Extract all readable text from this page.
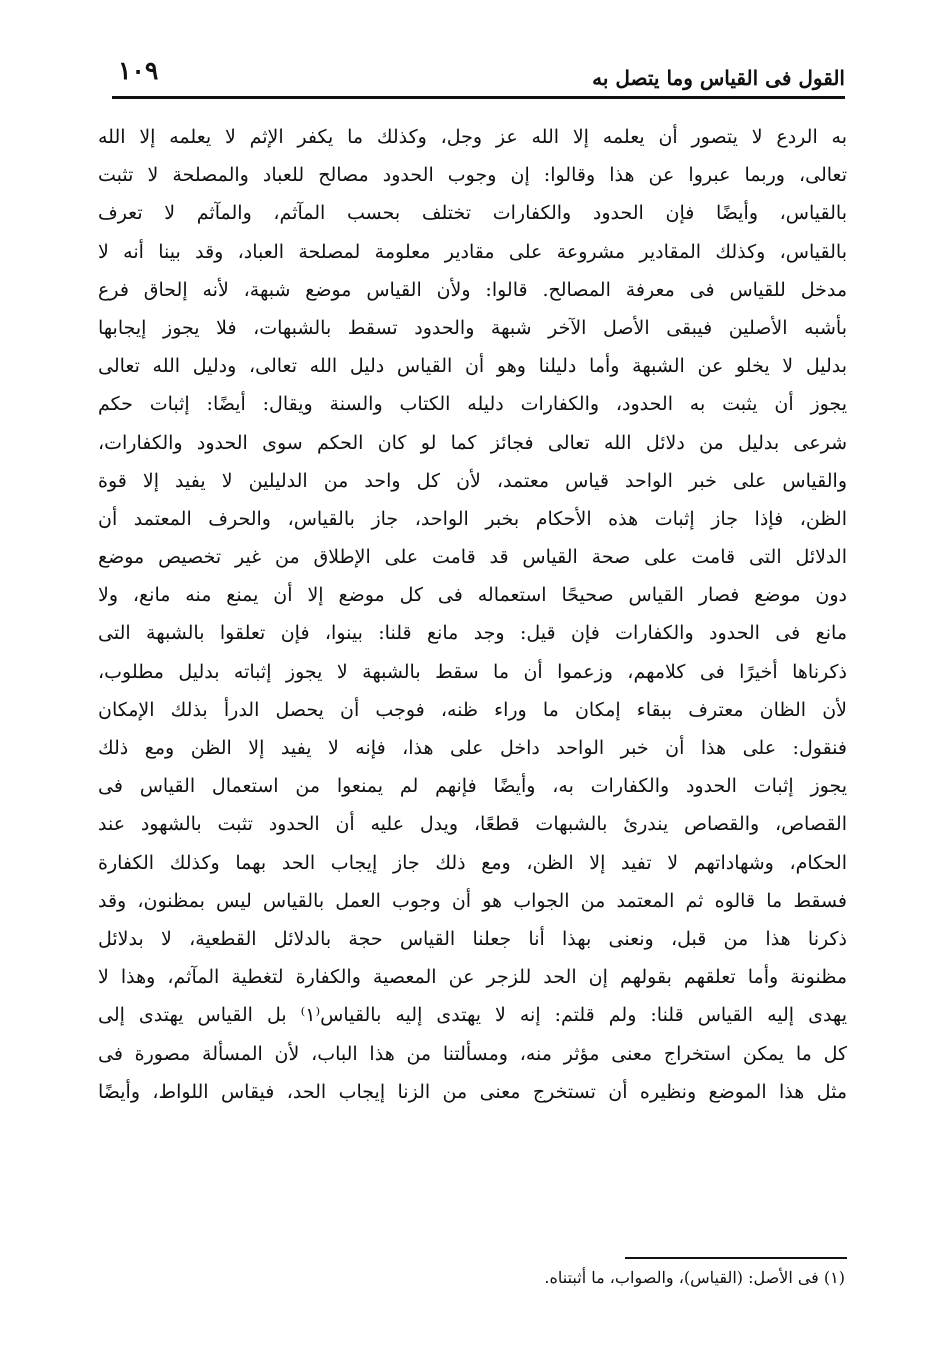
القول فى القياس وما يتصل به
١٠٩
به الردع لا يتصور أن يعلمه إلا الله عز وجل، وكذلك ما يكفر الإثم لا يعلمه إلا الله
تعالى، وربما عبروا عن هذا وقالوا: إن وجوب الحدود مصالح للعباد والمصلحة لا تثبت
بالقياس، وأيضًا فإن الحدود والكفارات تختلف بحسب المآثم، والمآثم لا تعرف
بالقياس، وكذلك المقادير مشروعة على مقادير معلومة لمصلحة العباد، وقد بينا أنه لا
مدخل للقياس فى معرفة المصالح. قالوا: ولأن القياس موضع شبهة، لأنه إلحاق فرع
بأشبه الأصلين فيبقى الأصل الآخر شبهة والحدود تسقط بالشبهات، فلا يجوز إيجابها
بدليل لا يخلو عن الشبهة وأما دليلنا وهو أن القياس دليل الله تعالى، ودليل الله تعالى
يجوز أن يثبت به الحدود، والكفارات دليله الكتاب والسنة ويقال: أيضًا: إثبات حكم
شرعى بدليل من دلائل الله تعالى فجائز كما لو كان الحكم سوى الحدود والكفارات،
والقياس على خبر الواحد قياس معتمد، لأن كل واحد من الدليلين لا يفيد إلا قوة
الظن، فإذا جاز إثبات هذه الأحكام بخبر الواحد، جاز بالقياس، والحرف المعتمد أن
الدلائل التى قامت على صحة القياس قد قامت على الإطلاق من غير تخصيص موضع
دون موضع فصار القياس صحيحًا استعماله فى كل موضع إلا أن يمنع منه مانع، ولا
مانع فى الحدود والكفارات فإن قيل: وجد مانع قلنا: بينوا، فإن تعلقوا بالشبهة التى
ذكرناها أخيرًا فى كلامهم، وزعموا أن ما سقط بالشبهة لا يجوز إثباته بدليل مطلوب،
لأن الظان معترف ببقاء إمكان ما وراء ظنه، فوجب أن يحصل الدرأ بذلك الإمكان
فنقول: على هذا أن خبر الواحد داخل على هذا، فإنه لا يفيد إلا الظن ومع ذلك
يجوز إثبات الحدود والكفارات به، وأيضًا فإنهم لم يمنعوا من استعمال القياس فى
القصاص، والقصاص يندرئ بالشبهات قطعًا، ويدل عليه أن الحدود تثبت بالشهود عند
الحكام، وشهاداتهم لا تفيد إلا الظن، ومع ذلك جاز إيجاب الحد بهما وكذلك الكفارة
فسقط ما قالوه ثم المعتمد من الجواب هو أن وجوب العمل بالقياس ليس بمظنون، وقد
ذكرنا هذا من قبل، ونعنى بهذا أنا جعلنا القياس حجة بالدلائل القطعية، لا بدلائل
مظنونة وأما تعلقهم بقولهم إن الحد للزجر عن المعصية والكفارة لتغطية المآثم، وهذا لا
يهدى إليه القياس قلنا: ولم قلتم: إنه لا يهتدى إليه بالقياس⁽١⁾ بل القياس يهتدى إلى
كل ما يمكن استخراج معنى مؤثر منه، ومسألتنا من هذا الباب، لأن المسألة مصورة فى
مثل هذا الموضع ونظيره أن تستخرج معنى من الزنا إيجاب الحد، فيقاس اللواط، وأيضًا
(١) فى الأصل: (القياس)، والصواب، ما أثبتناه.
